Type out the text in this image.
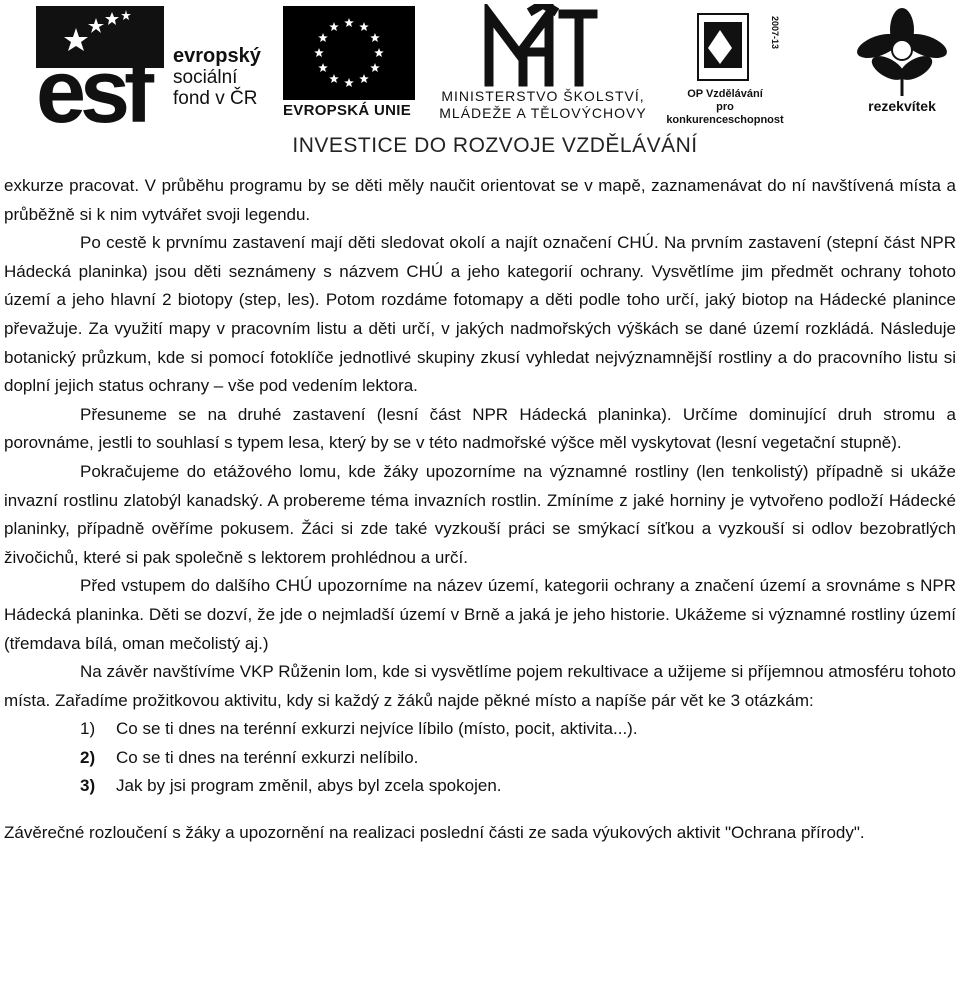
esf	evropský
sociální
fond v ČR
EVROPSKÁ UNIE
MINISTERSTVO ŠKOLSTVÍ,
MLÁDEŽE A TĚLOVÝCHOVY
2007-13
OP Vzdělávání
pro konkurenceschopnost
rezekvítek
INVESTICE DO ROZVOJE VZDĚLÁVÁNÍ

exkurze pracovat. V průběhu programu by se děti měly naučit orientovat se v mapě, zaznamenávat do ní navštívená místa a průběžně si k nim vytvářet svoji legendu.

Po cestě k prvnímu zastavení mají děti sledovat okolí a najít označení CHÚ. Na prvním zastavení (stepní část NPR Hádecká planinka) jsou děti seznámeny s názvem CHÚ a jeho kategorií ochrany. Vysvětlíme jim předmět ochrany tohoto území a jeho hlavní 2 biotopy (step, les). Potom rozdáme fotomapy a děti podle toho určí, jaký biotop na Hádecké planince převažuje. Za využití mapy v pracovním listu a děti určí, v jakých nadmořských výškách se dané území rozkládá. Následuje botanický průzkum, kde si pomocí fotoklíče jednotlivé skupiny zkusí vyhledat nejvýznamnější rostliny a do pracovního listu si doplní jejich status ochrany – vše pod vedením lektora.

Přesuneme se na druhé zastavení (lesní část NPR Hádecká planinka). Určíme dominující druh stromu a porovnáme, jestli to souhlasí s typem lesa, který by se v této nadmořské výšce měl vyskytovat (lesní vegetační stupně).

Pokračujeme do etážového lomu, kde žáky upozorníme na významné rostliny (len tenkolistý) případně si ukáže invazní rostlinu zlatobýl kanadský. A probereme téma invazních rostlin. Zmíníme z jaké horniny je vytvořeno podloží Hádecké planinky, případně ověříme pokusem. Žáci si zde také vyzkouší práci se smýkací síťkou a vyzkouší si odlov bezobratlých živočichů, které si pak společně s lektorem prohlédnou a určí.

Před vstupem do dalšího CHÚ upozorníme na název území, kategorii ochrany a značení území a srovnáme s NPR Hádecká planinka. Děti se dozví, že jde o nejmladší území v Brně a jaká je jeho historie. Ukážeme si významné rostliny území (třemdava bílá, oman mečolistý aj.)

Na závěr navštívíme VKP Růženin lom, kde si vysvětlíme pojem rekultivace a užijeme si příjemnou atmosféru tohoto místa. Zařadíme prožitkovou aktivitu, kdy si každý z žáků najde pěkné místo a napíše pár vět ke 3 otázkám:

1) Co se ti dnes na terénní exkurzi nejvíce líbilo (místo, pocit, aktivita...).
2) Co se ti dnes na terénní exkurzi nelíbilo.
3) Jak by jsi program změnil, abys byl zcela spokojen.

Závěrečné rozloučení s žáky a upozornění na realizaci poslední části ze sada výukových aktivit "Ochrana přírody".
